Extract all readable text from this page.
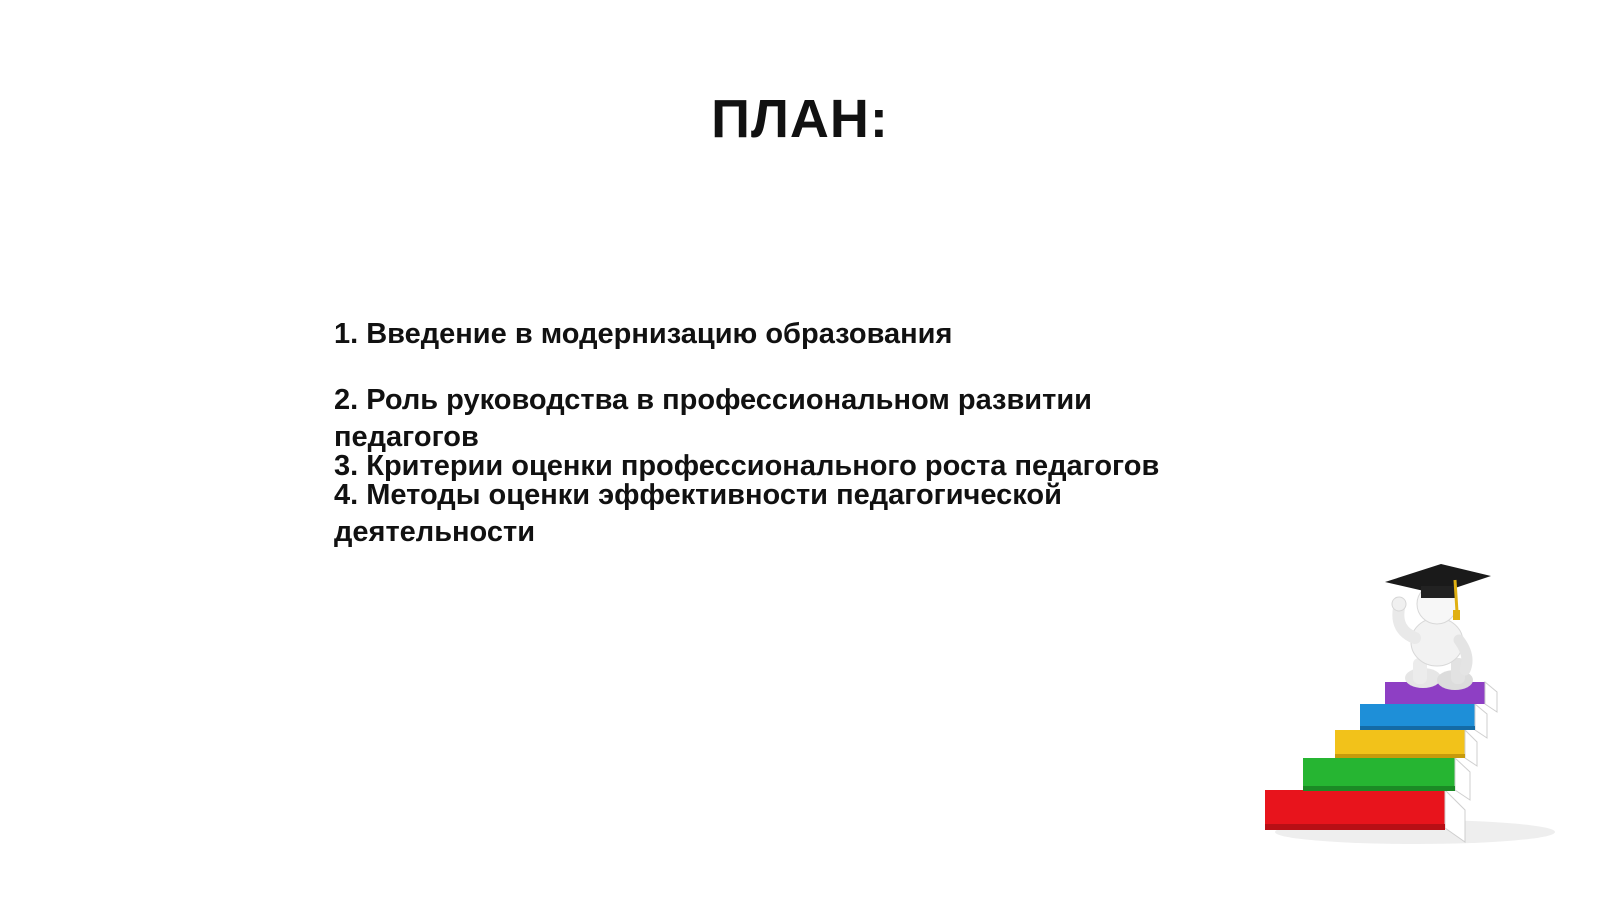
ПЛАН:
1. Введение в модернизацию образования
2. Роль руководства в профессиональном развитии педагогов
3. Критерии оценки профессионального роста педагогов
4. Методы оценки эффективности педагогической деятельности
